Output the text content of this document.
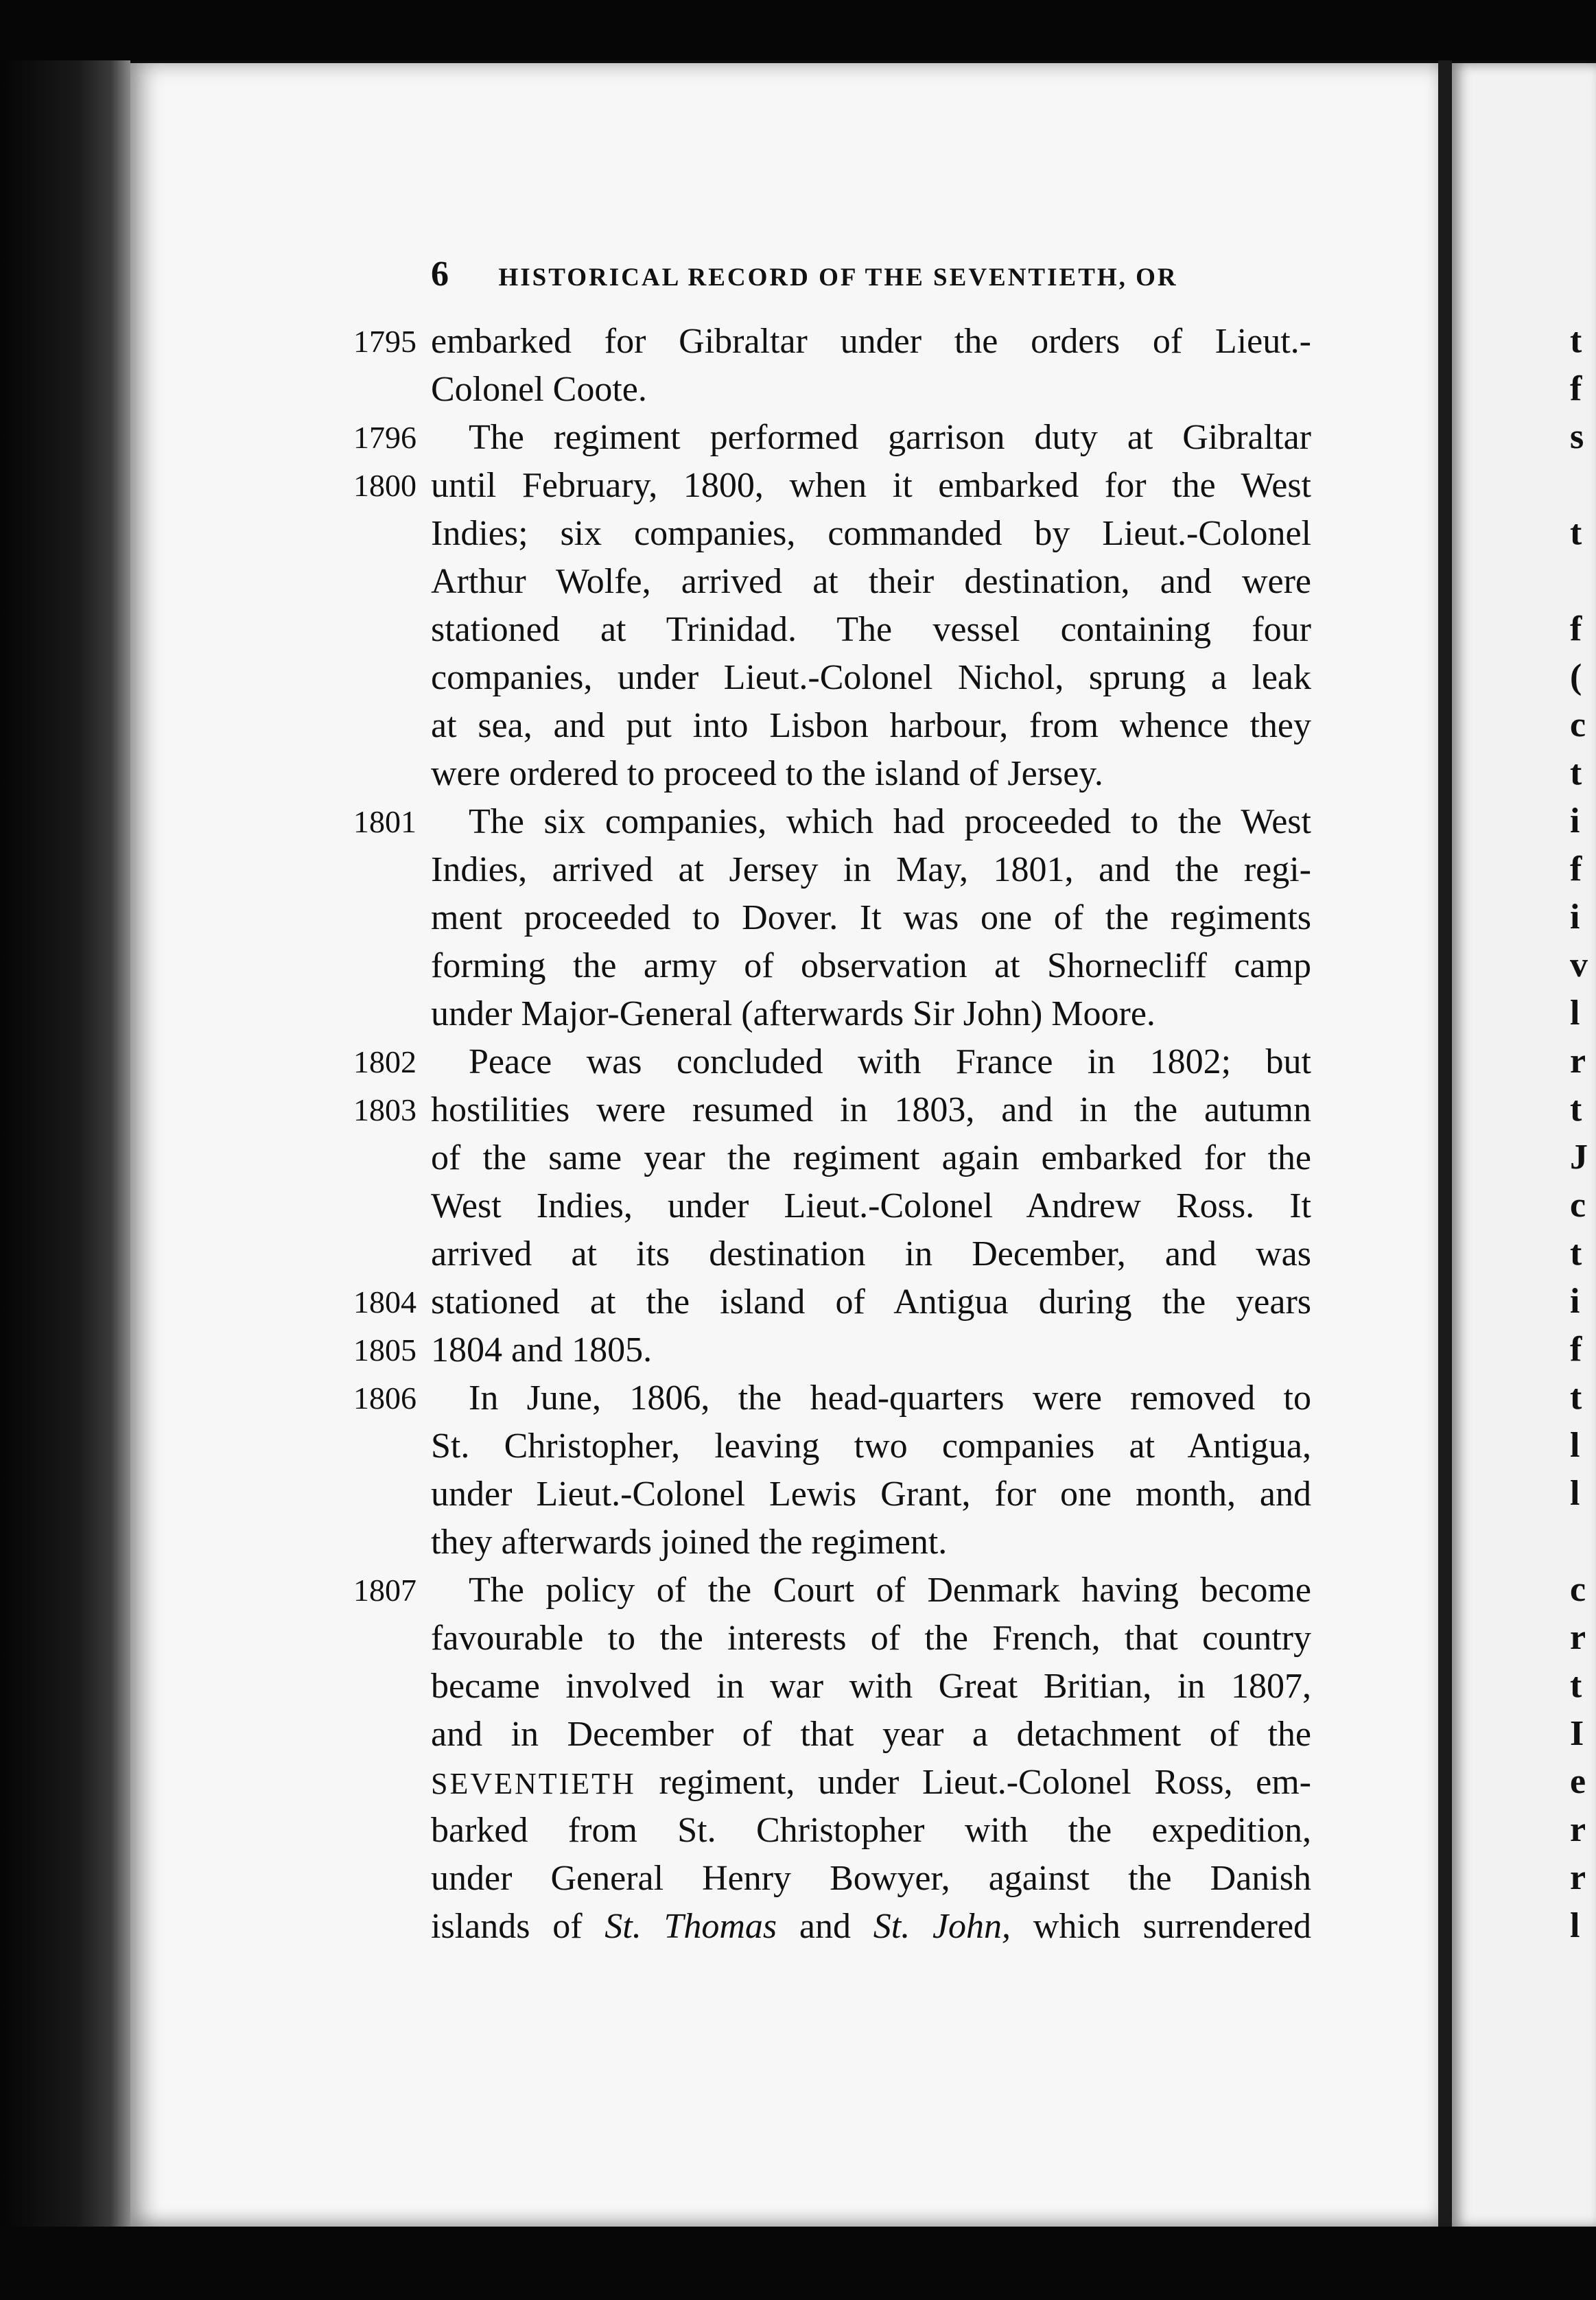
t
f
s
t
f
(
c
t
i
f
i
v
l
r
t
J
c
t
i
f
t
l
l
c
r
t
I
e
r
r
l
6 HISTORICAL RECORD OF THE SEVENTIETH, OR
1795
1796
1800
1801
1802
1803
1804
1805
1806
1807
embarked for Gibraltar under the orders of Lieut.-
Colonel Coote.
The regiment performed garrison duty at Gibraltar
until February, 1800, when it embarked for the West
Indies; six companies, commanded by Lieut.-Colonel
Arthur Wolfe, arrived at their destination, and were
stationed at Trinidad. The vessel containing four
companies, under Lieut.-Colonel Nichol, sprung a leak
at sea, and put into Lisbon harbour, from whence they
were ordered to proceed to the island of Jersey.
The six companies, which had proceeded to the West
Indies, arrived at Jersey in May, 1801, and the regi-
ment proceeded to Dover. It was one of the regiments
forming the army of observation at Shornecliff camp
under Major-General (afterwards Sir John) Moore.
Peace was concluded with France in 1802; but
hostilities were resumed in 1803, and in the autumn
of the same year the regiment again embarked for the
West Indies, under Lieut.-Colonel Andrew Ross. It
arrived at its destination in December, and was
stationed at the island of Antigua during the years
1804 and 1805.
In June, 1806, the head-quarters were removed to
St. Christopher, leaving two companies at Antigua,
under Lieut.-Colonel Lewis Grant, for one month, and
they afterwards joined the regiment.
The policy of the Court of Denmark having become
favourable to the interests of the French, that country
became involved in war with Great Britian, in 1807,
and in December of that year a detachment of the
SEVENTIETH regiment, under Lieut.-Colonel Ross, em-
barked from St. Christopher with the expedition,
under General Henry Bowyer, against the Danish
islands of St. Thomas and St. John, which surrendered
